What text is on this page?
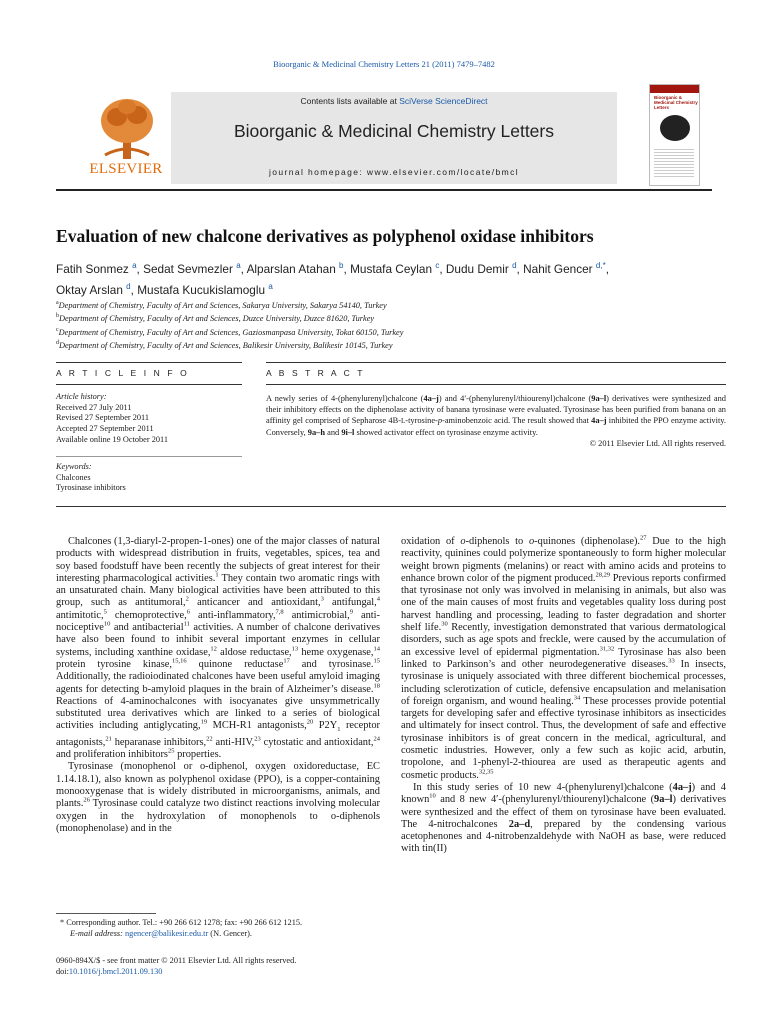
Bioorganic & Medicinal Chemistry Letters 21 (2011) 7479–7482
ELSEVIER
Contents lists available at SciVerse ScienceDirect
Bioorganic & Medicinal Chemistry Letters
journal homepage: www.elsevier.com/locate/bmcl
Bioorganic & Medicinal Chemistry Letters
Evaluation of new chalcone derivatives as polyphenol oxidase inhibitors
Fatih Sonmez $^a$, Sedat Sevmezler $^a$, Alparslan Atahan $^b$, Mustafa Ceylan $^c$, Dudu Demir $^d$, Nahit Gencer $^{d,*}$,
Oktay Arslan $^d$, Mustafa Kucukislamoglu $^a$
$^a$Department of Chemistry, Faculty of Art and Sciences, Sakarya University, Sakarya 54140, Turkey
$^b$Department of Chemistry, Faculty of Art and Sciences, Duzce University, Duzce 81620, Turkey
$^c$Department of Chemistry, Faculty of Art and Sciences, Gaziosmanpasa University, Tokat 60150, Turkey
$^d$Department of Chemistry, Faculty of Art and Sciences, Balikesir University, Balikesir 10145, Turkey
A R T I C L E I N F O	A B S T R A C T
Article history:
Received 27 July 2011
Revised 27 September 2011
Accepted 27 September 2011
Available online 19 October 2011
Keywords:
Chalcones
Tyrosinase inhibitors
A newly series of 4-(phenylurenyl)chalcone (4a–j) and 4′-(phenylurenyl/thiourenyl)chalcone (9a–l) derivatives were synthesized and their inhibitory effects on the diphenolase activity of banana tyrosinase were evaluated. Tyrosinase has been purified from banana on an affinity gel comprised of Sepharose 4B-L-tyrosine-p-aminobenzoic acid. The result showed that 4a–j inhibited the PPO enzyme activity. Conversely, 9a–h and 9i–l showed activator effect on tyrosinase enzyme activity.
© 2011 Elsevier Ltd. All rights reserved.

Chalcones (1,3-diaryl-2-propen-1-ones) one of the major classes of natural products with widespread distribution in fruits, vegetables, spices, tea and soy based foodstuff have been recently the subjects of great interest for their interesting pharmacological activities.$^1$ They contain two aromatic rings with an unsaturated chain. Many biological activities have been attributed to this group, such as antitumoral,$^2$ anticancer and antioxidant,$^3$ antifungal,$^4$ antimitotic,$^5$ chemoprotective,$^6$ anti-inflammatory,$^{7,8}$ antimicrobial,$^9$ anti-nociceptive$^{10}$ and antibacterial$^{11}$ activities. A number of chalcone derivatives have also been found to inhibit several important enzymes in cellular systems, including xanthine oxidase,$^{12}$ aldose reductase,$^{13}$ heme oxygenase,$^{14}$ protein tyrosine kinase,$^{15,16}$ quinone reductase$^{17}$ and tyrosinase.$^{15}$ Additionally, the radioiodinated chalcones have been useful amyloid imaging agents for detecting b-amyloid plaques in the brain of Alzheimer’s disease.$^{18}$ Reactions of 4-aminochalcones with isocyanates give unsymmetrically substituted urea derivatives which are linked to a series of biological activities including antiglycating,$^{19}$ MCH-R1 antagonists,$^{20}$ $P2Y_1$ receptor antagonists,$^{21}$ heparanase inhibitors,$^{22}$ anti-HIV,$^{23}$ cytostatic and antioxidant,$^{24}$ and proliferation inhibitors$^{25}$ properties.

Tyrosinase (monophenol or o-diphenol, oxygen oxidoreductase, EC 1.14.18.1), also known as polyphenol oxidase (PPO), is a copper-containing monooxygenase that is widely distributed in microorganisms, animals, and plants.$^{26}$ Tyrosinase could catalyze two distinct reactions involving molecular oxygen in the hydroxylation of monophenols to o-diphenols (monophenolase) and in the

oxidation of o-diphenols to o-quinones (diphenolase).$^{27}$ Due to the high reactivity, quinines could polymerize spontaneously to form higher molecular weight brown pigments (melanins) or react with amino acids and proteins to enhance brown color of the pigment produced.$^{28,29}$ Previous reports confirmed that tyrosinase not only was involved in melanising in animals, but also was one of the main causes of most fruits and vegetables quality loss during post harvest handling and processing, leading to faster degradation and shorter shelf life.$^{30}$ Recently, investigation demonstrated that various dermatological disorders, such as age spots and freckle, were caused by the accumulation of an excessive level of epidermal pigmentation.$^{31,32}$ Tyrosinase has also been linked to Parkinson’s and other neurodegenerative diseases.$^{33}$ In insects, tyrosinase is uniquely associated with three different biochemical processes, including sclerotization of cuticle, defensive encapsulation and melanisation of foreign organism, and wound healing.$^{34}$ These processes provide potential targets for developing safer and effective tyrosinase inhibitors as insecticides and ultimately for insect control. Thus, the development of safe and effective tyrosinase inhibitors is of great concern in the medical, agricultural, and cosmetic industries. However, only a few such as kojic acid, arbutin, tropolone, and 1-phenyl-2-thiourea are used as therapeutic agents and cosmetic products.$^{32,35}$

In this study series of 10 new 4-(phenylurenyl)chalcone (4a–j) and 4 known$^{10}$ and 8 new 4′-(phenylurenyl/thiourenyl)chalcone (9a–l) derivatives were synthesized and the effect of them on tyrosinase have been evaluated. The 4-nitrochalcones 2a–d, prepared by the condensing various acetophenones and 4-nitrobenzaldehyde with NaOH as base, were reduced with tin(II)

* Corresponding author. Tel.: +90 266 612 1278; fax: +90 266 612 1215.
E-mail address: ngencer@balikesir.edu.tr (N. Gencer).
0960-894X/$ - see front matter © 2011 Elsevier Ltd. All rights reserved.
doi:10.1016/j.bmcl.2011.09.130
